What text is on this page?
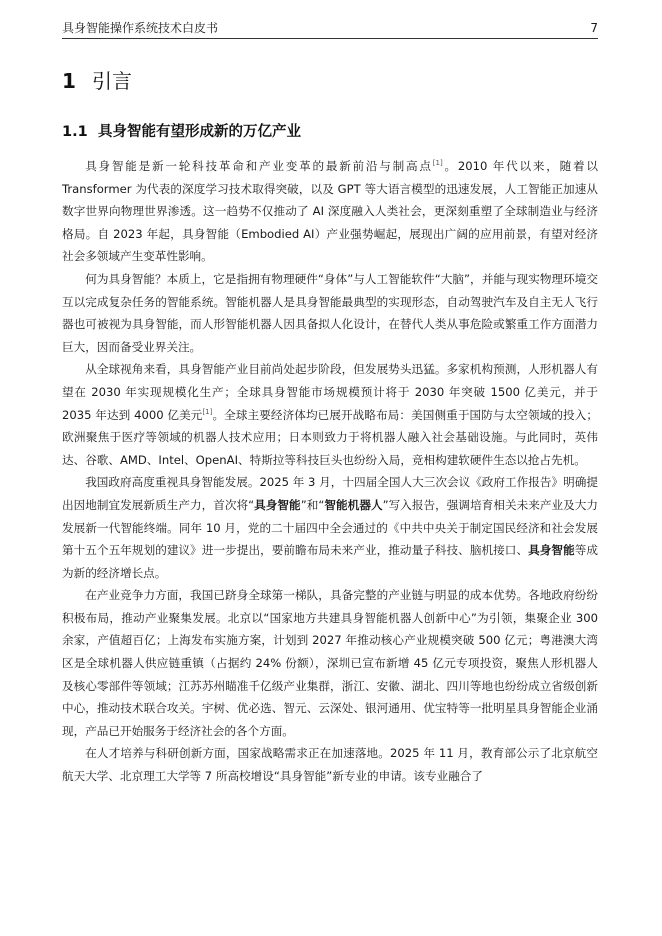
具身智能操作系统技术白皮书	7
1 引言
1.1 具身智能有望形成新的万亿产业

具身智能是新一轮科技革命和产业变革的最新前沿与制高点[1]。2010 年代以来，随着以 Transformer 为代表的深度学习技术取得突破，以及 GPT 等大语言模型的迅速发展，人工智能正加速从数字世界向物理世界渗透。这一趋势不仅推动了 AI 深度融入人类社会，更深刻重塑了全球制造业与经济格局。自 2023 年起，具身智能（Embodied AI）产业强势崛起，展现出广阔的应用前景，有望对经济社会多领域产生变革性影响。

何为具身智能？本质上，它是指拥有物理硬件“身体”与人工智能软件“大脑”，并能与现实物理环境交互以完成复杂任务的智能系统。智能机器人是具身智能最典型的实现形态，自动驾驶汽车及自主无人飞行器也可被视为具身智能，而人形智能机器人因具备拟人化设计，在替代人类从事危险或繁重工作方面潜力巨大，因而备受业界关注。

从全球视角来看，具身智能产业目前尚处起步阶段，但发展势头迅猛。多家机构预测，人形机器人有望在 2030 年实现规模化生产；全球具身智能市场规模预计将于 2030 年突破 1500 亿美元，并于 2035 年达到 4000 亿美元[1]。全球主要经济体均已展开战略布局：美国侧重于国防与太空领域的投入；欧洲聚焦于医疗等领域的机器人技术应用；日本则致力于将机器人融入社会基础设施。与此同时，英伟达、谷歌、AMD、Intel、OpenAI、特斯拉等科技巨头也纷纷入局，竞相构建软硬件生态以抢占先机。

我国政府高度重视具身智能发展。2025 年 3 月，十四届全国人大三次会议《政府工作报告》明确提出因地制宜发展新质生产力，首次将“具身智能”和“智能机器人”写入报告，强调培育相关未来产业及大力发展新一代智能终端。同年 10 月，党的二十届四中全会通过的《中共中央关于制定国民经济和社会发展第十五个五年规划的建议》进一步提出，要前瞻布局未来产业，推动量子科技、脑机接口、具身智能等成为新的经济增长点。

在产业竞争力方面，我国已跻身全球第一梯队，具备完整的产业链与明显的成本优势。各地政府纷纷积极布局，推动产业聚集发展。北京以“国家地方共建具身智能机器人创新中心”为引领，集聚企业 300 余家，产值超百亿；上海发布实施方案，计划到 2027 年推动核心产业规模突破 500 亿元；粤港澳大湾区是全球机器人供应链重镇（占据约 24% 份额），深圳已宣布新增 45 亿元专项投资，聚焦人形机器人及核心零部件等领域；江苏苏州瞄准千亿级产业集群，浙江、安徽、湖北、四川等地也纷纷成立省级创新中心，推动技术联合攻关。宇树、优必选、智元、云深处、银河通用、优宝特等一批明星具身智能企业涌现，产品已开始服务于经济社会的各个方面。

在人才培养与科研创新方面，国家战略需求正在加速落地。2025 年 11 月，教育部公示了北京航空航天大学、北京理工大学等 7 所高校增设“具身智能”新专业的申请。该专业融合了
